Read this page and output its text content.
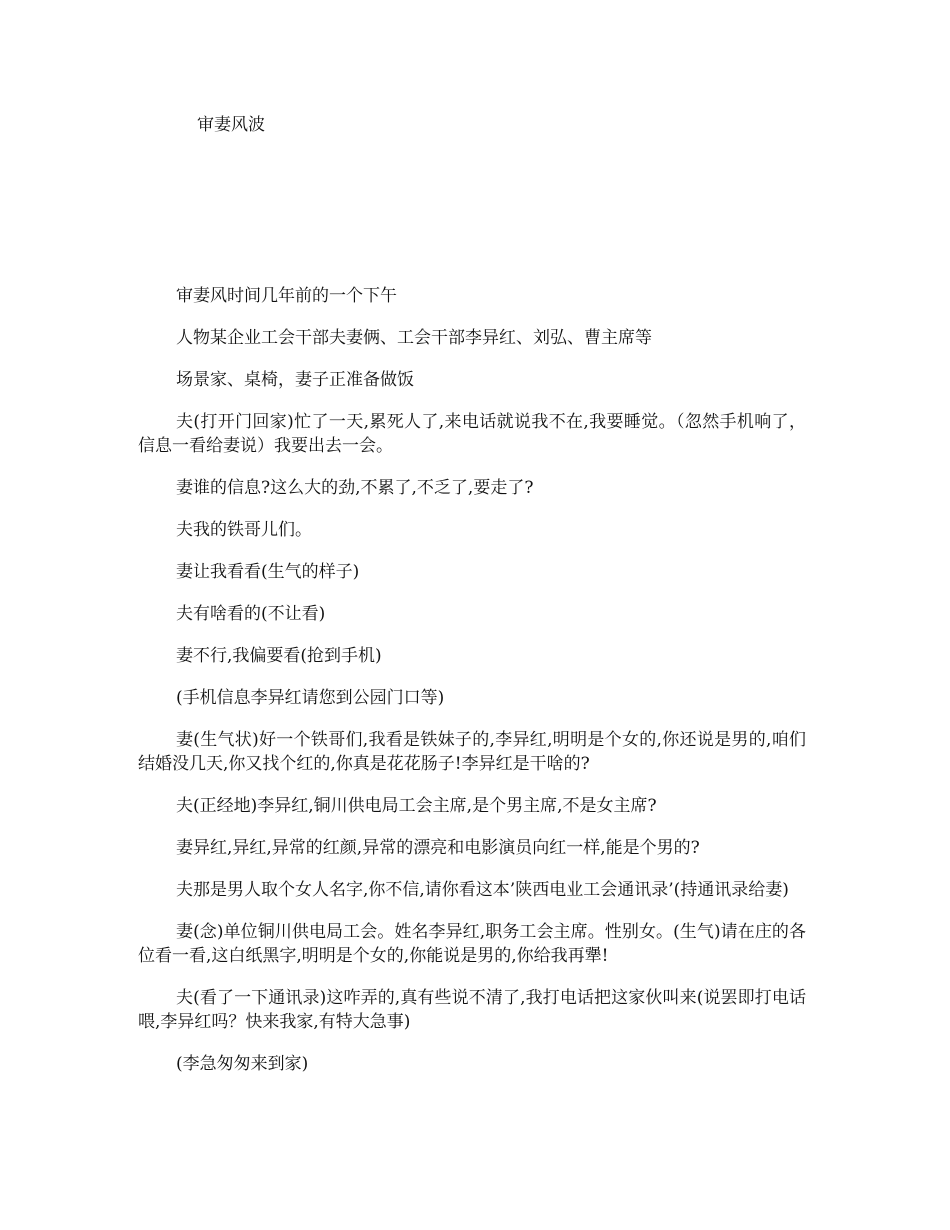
审妻风波

审妻风时间几年前的一个下午

人物某企业工会干部夫妻俩、工会干部李异红、刘弘、曹主席等

场景家、桌椅，妻子正准备做饭

夫(打开门回家)忙了一天,累死人了,来电话就说我不在,我要睡觉。（忽然手机响了，信息一看给妻说）我要出去一会。

妻谁的信息?这么大的劲,不累了,不乏了,要走了?

夫我的铁哥儿们。

妻让我看看(生气的样子)

夫有啥看的(不让看)

妻不行,我偏要看(抢到手机)

(手机信息李异红请您到公园门口等)

妻(生气状)好一个铁哥们,我看是铁妹子的,李异红,明明是个女的,你还说是男的,咱们结婚没几天,你又找个红的,你真是花花肠子!李异红是干啥的?

夫(正经地)李异红,铜川供电局工会主席,是个男主席,不是女主席?

妻异红,异红,异常的红颜,异常的漂亮和电影演员向红一样,能是个男的?

夫那是男人取个女人名字,你不信,请你看这本’陕西电业工会通讯录’(持通讯录给妻)

妻(念)单位铜川供电局工会。姓名李异红,职务工会主席。性别女。(生气)请在庄的各位看一看,这白纸黑字,明明是个女的,你能说是男的,你给我再犟!

夫(看了一下通讯录)这咋弄的,真有些说不清了,我打电话把这家伙叫来(说罢即打电话喂,李异红吗？快来我家,有特大急事)

(李急匆匆来到家)
